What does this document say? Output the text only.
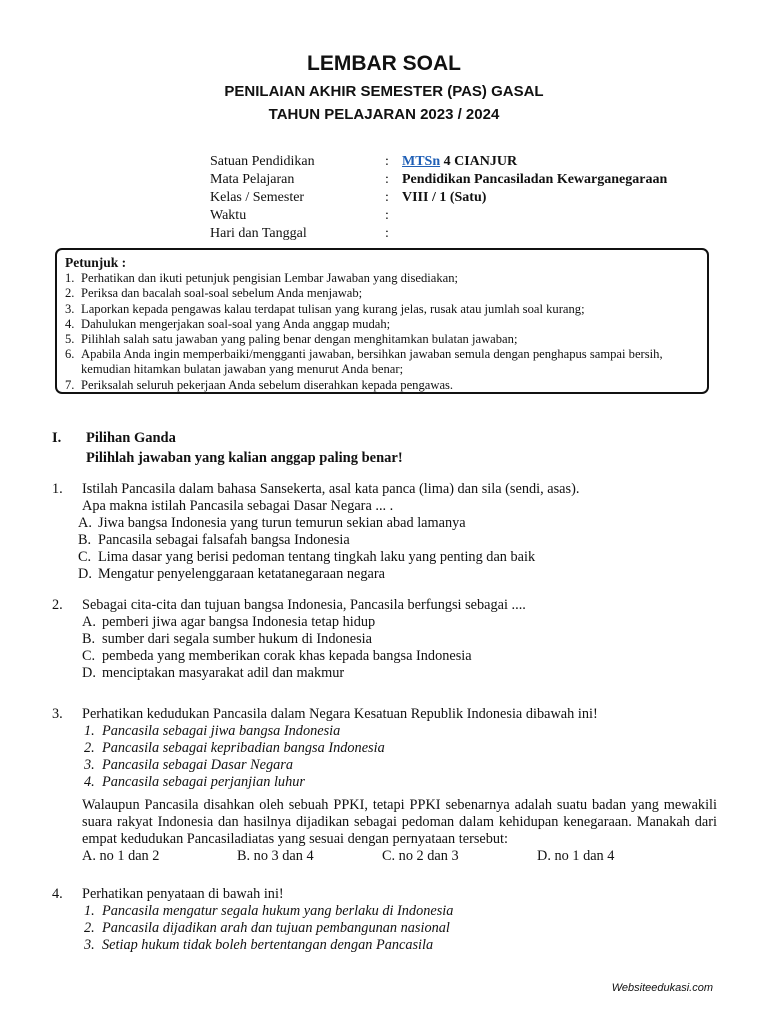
LEMBAR SOAL
PENILAIAN AKHIR SEMESTER (PAS) GASAL
TAHUN PELAJARAN 2023 / 2024
Satuan Pendidikan	: MTSn 4 CIANJUR
Mata Pelajaran	: Pendidikan Pancasiladan Kewarganegaraan
Kelas / Semester	: VIII / 1 (Satu)
Waktu	:
Hari dan Tanggal	:
Petunjuk :
1. Perhatikan dan ikuti petunjuk pengisian Lembar Jawaban yang disediakan;
2. Periksa dan bacalah soal-soal sebelum Anda menjawab;
3. Laporkan kepada pengawas kalau terdapat tulisan yang kurang jelas, rusak atau jumlah soal kurang;
4. Dahulukan mengerjakan soal-soal yang Anda anggap mudah;
5. Pilihlah salah satu jawaban yang paling benar dengan menghitamkan bulatan jawaban;
6. Apabila Anda ingin memperbaiki/mengganti jawaban, bersihkan jawaban semula dengan penghapus sampai bersih, kemudian hitamkan bulatan jawaban yang menurut Anda benar;
7. Periksalah seluruh pekerjaan Anda sebelum diserahkan kepada pengawas.
I.	Pilihan Ganda
Pilihlah jawaban yang kalian anggap paling benar!
1.	Istilah Pancasila dalam bahasa Sansekerta, asal kata panca (lima) dan sila (sendi, asas).
Apa makna istilah Pancasila sebagai Dasar Negara ... .
A. Jiwa bangsa Indonesia yang turun temurun sekian abad lamanya
B. Pancasila sebagai falsafah bangsa Indonesia
C. Lima dasar yang berisi pedoman tentang tingkah laku yang penting dan baik
D. Mengatur penyelenggaraan ketatanegaraan negara
2.	Sebagai cita-cita dan tujuan bangsa Indonesia, Pancasila berfungsi sebagai ....
A. pemberi jiwa agar bangsa Indonesia tetap hidup
B. sumber dari segala sumber hukum di Indonesia
C. pembeda yang memberikan corak khas kepada bangsa Indonesia
D. menciptakan masyarakat adil dan makmur
3.	Perhatikan kedudukan Pancasila dalam Negara Kesatuan Republik Indonesia dibawah ini!
1. Pancasila sebagai jiwa bangsa Indonesia
2. Pancasila sebagai kepribadian bangsa Indonesia
3. Pancasila sebagai Dasar Negara
4. Pancasila sebagai perjanjian luhur
Walaupun Pancasila disahkan oleh sebuah PPKI, tetapi PPKI sebenarnya adalah suatu badan yang mewakili suara rakyat Indonesia dan hasilnya dijadikan sebagai pedoman dalam kehidupan kenegaraan. Manakah dari empat kedudukan Pancasiladiatas yang sesuai dengan pernyataan tersebut:
A. no 1 dan 2	B. no 3 dan 4	C. no 2 dan 3	D. no 1 dan 4
4.	Perhatikan penyataan di bawah ini!
1. Pancasila mengatur segala hukum yang berlaku di Indonesia
2. Pancasila dijadikan arah dan tujuan pembangunan nasional
3. Setiap hukum tidak boleh bertentangan dengan Pancasila
Websiteedukasi.com
